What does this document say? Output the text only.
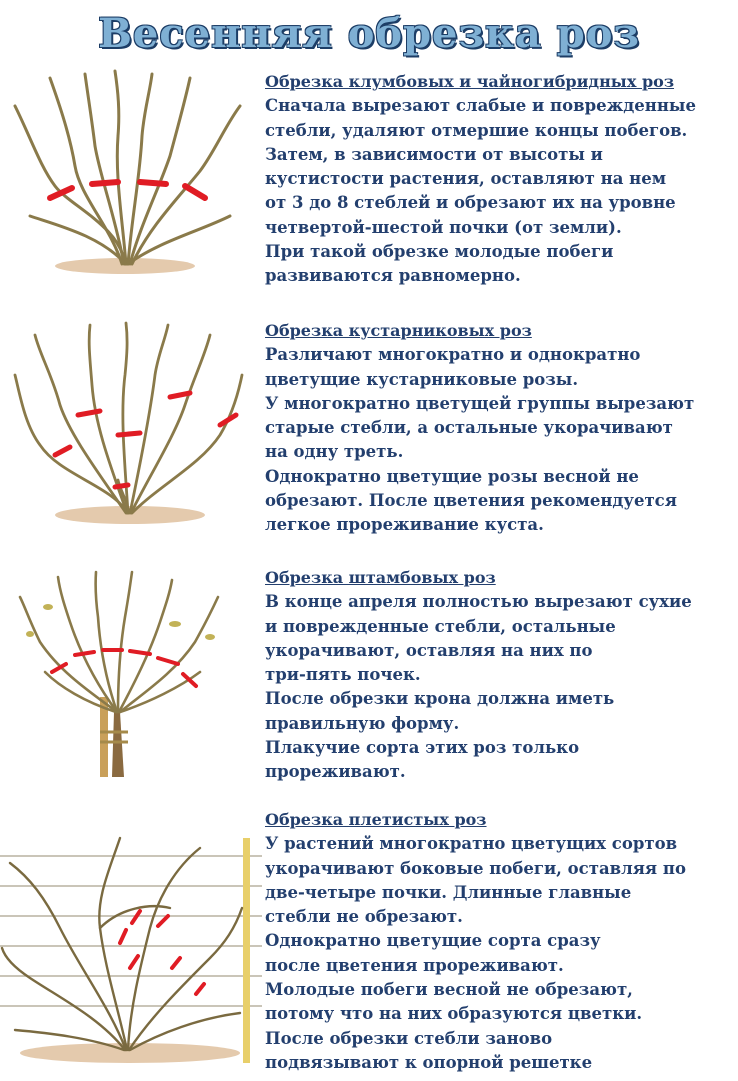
Весенняя обрезка роз
Обрезка клумбовых и чайногибридных роз
Сначала вырезают слабые и поврежденные
стебли, удаляют отмершие концы побегов.
Затем, в зависимости от высоты и
кустистости растения, оставляют на нем
от 3 до 8 стеблей и обрезают их на уровне
четвертой-шестой почки (от земли).
При такой обрезке молодые побеги
развиваются равномерно.
Обрезка кустарниковых роз
Различают многократно и однократно
цветущие кустарниковые розы.
У многократно цветущей группы вырезают
старые стебли, а остальные укорачивают
на одну треть.
Однократно цветущие розы весной не
обрезают. После цветения рекомендуется
легкое прореживание куста.
Обрезка штамбовых роз
В конце апреля полностью вырезают сухие
и поврежденные стебли, остальные
укорачивают, оставляя на них по
три-пять почек.
После обрезки крона должна иметь
правильную форму.
Плакучие сорта этих роз только
прореживают.
Обрезка плетистых роз
У растений многократно цветущих сортов
укорачивают боковые побеги, оставляя по
две-четыре почки. Длинные главные
стебли не обрезают.
Однократно цветущие сорта сразу
после цветения прореживают.
Молодые побеги весной не обрезают,
потому что на них образуются цветки.
После обрезки стебли заново
подвязывают к опорной решетке
